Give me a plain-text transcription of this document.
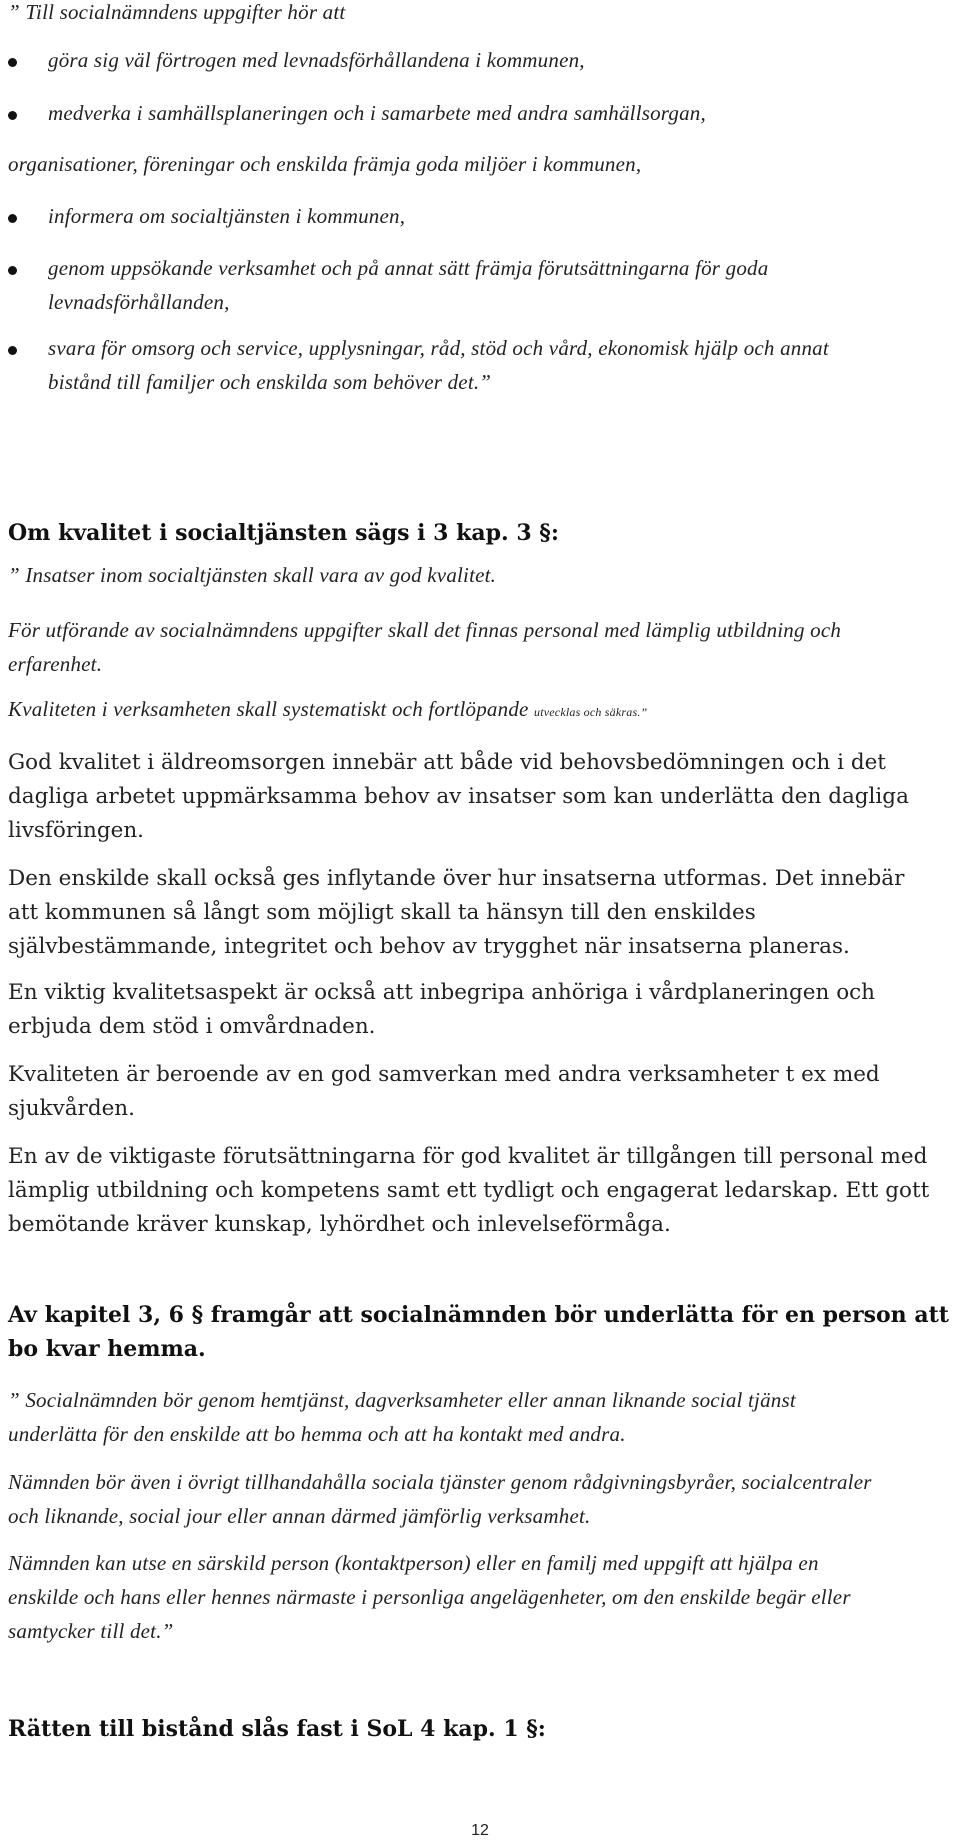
” Till socialnämndens uppgifter hör att
göra sig väl förtrogen med levnadsförhållandena i kommunen,
medverka i samhällsplaneringen och i samarbete med andra samhällsorgan,
organisationer, föreningar och enskilda främja goda miljöer i kommunen,
informera om socialtjänsten i kommunen,
genom uppsökande verksamhet och på annat sätt främja förutsättningarna för goda
levnadsförhållanden,
svara för omsorg och service, upplysningar, råd, stöd och vård, ekonomisk hjälp och annat
bistånd till familjer och enskilda som behöver det.”
Om kvalitet i socialtjänsten sägs i 3 kap. 3 §:
” Insatser inom socialtjänsten skall vara av god kvalitet.
För utförande av socialnämndens uppgifter skall det finnas personal med lämplig utbildning och
erfarenhet.
Kvaliteten i verksamheten skall systematiskt och fortlöpande utvecklas och säkras.”
God kvalitet i äldreomsorgen innebär att både vid behovsbedömningen och i det
dagliga arbetet uppmärksamma behov av insatser som kan underlätta den dagliga
livsföringen.
Den enskilde skall också ges inflytande över hur insatserna utformas. Det innebär
att kommunen så långt som möjligt skall ta hänsyn till den enskildes
självbestämmande, integritet och behov av trygghet när insatserna planeras.
En viktig kvalitetsaspekt är också att inbegripa anhöriga i vårdplaneringen och
erbjuda dem stöd i omvårdnaden.
Kvaliteten är beroende av en god samverkan med andra verksamheter t ex med
sjukvården.
En av de viktigaste förutsättningarna för god kvalitet är tillgången till personal med
lämplig utbildning och kompetens samt ett tydligt och engagerat ledarskap. Ett gott
bemötande kräver kunskap, lyhördhet och inlevelseförmåga.
Av kapitel 3, 6 § framgår att socialnämnden bör underlätta för en person att
bo kvar hemma.
” Socialnämnden bör genom hemtjänst, dagverksamheter eller annan liknande social tjänst
underlätta för den enskilde att bo hemma och att ha kontakt med andra.
Nämnden bör även i övrigt tillhandahålla sociala tjänster genom rådgivningsbyråer, socialcentraler
och liknande, social jour eller annan därmed jämförlig verksamhet.
Nämnden kan utse en särskild person (kontaktperson) eller en familj med uppgift att hjälpa en
enskilde och hans eller hennes närmaste i personliga angelägenheter, om den enskilde begär eller
samtycker till det.”
Rätten till bistånd slås fast i SoL 4 kap. 1 §:
12
